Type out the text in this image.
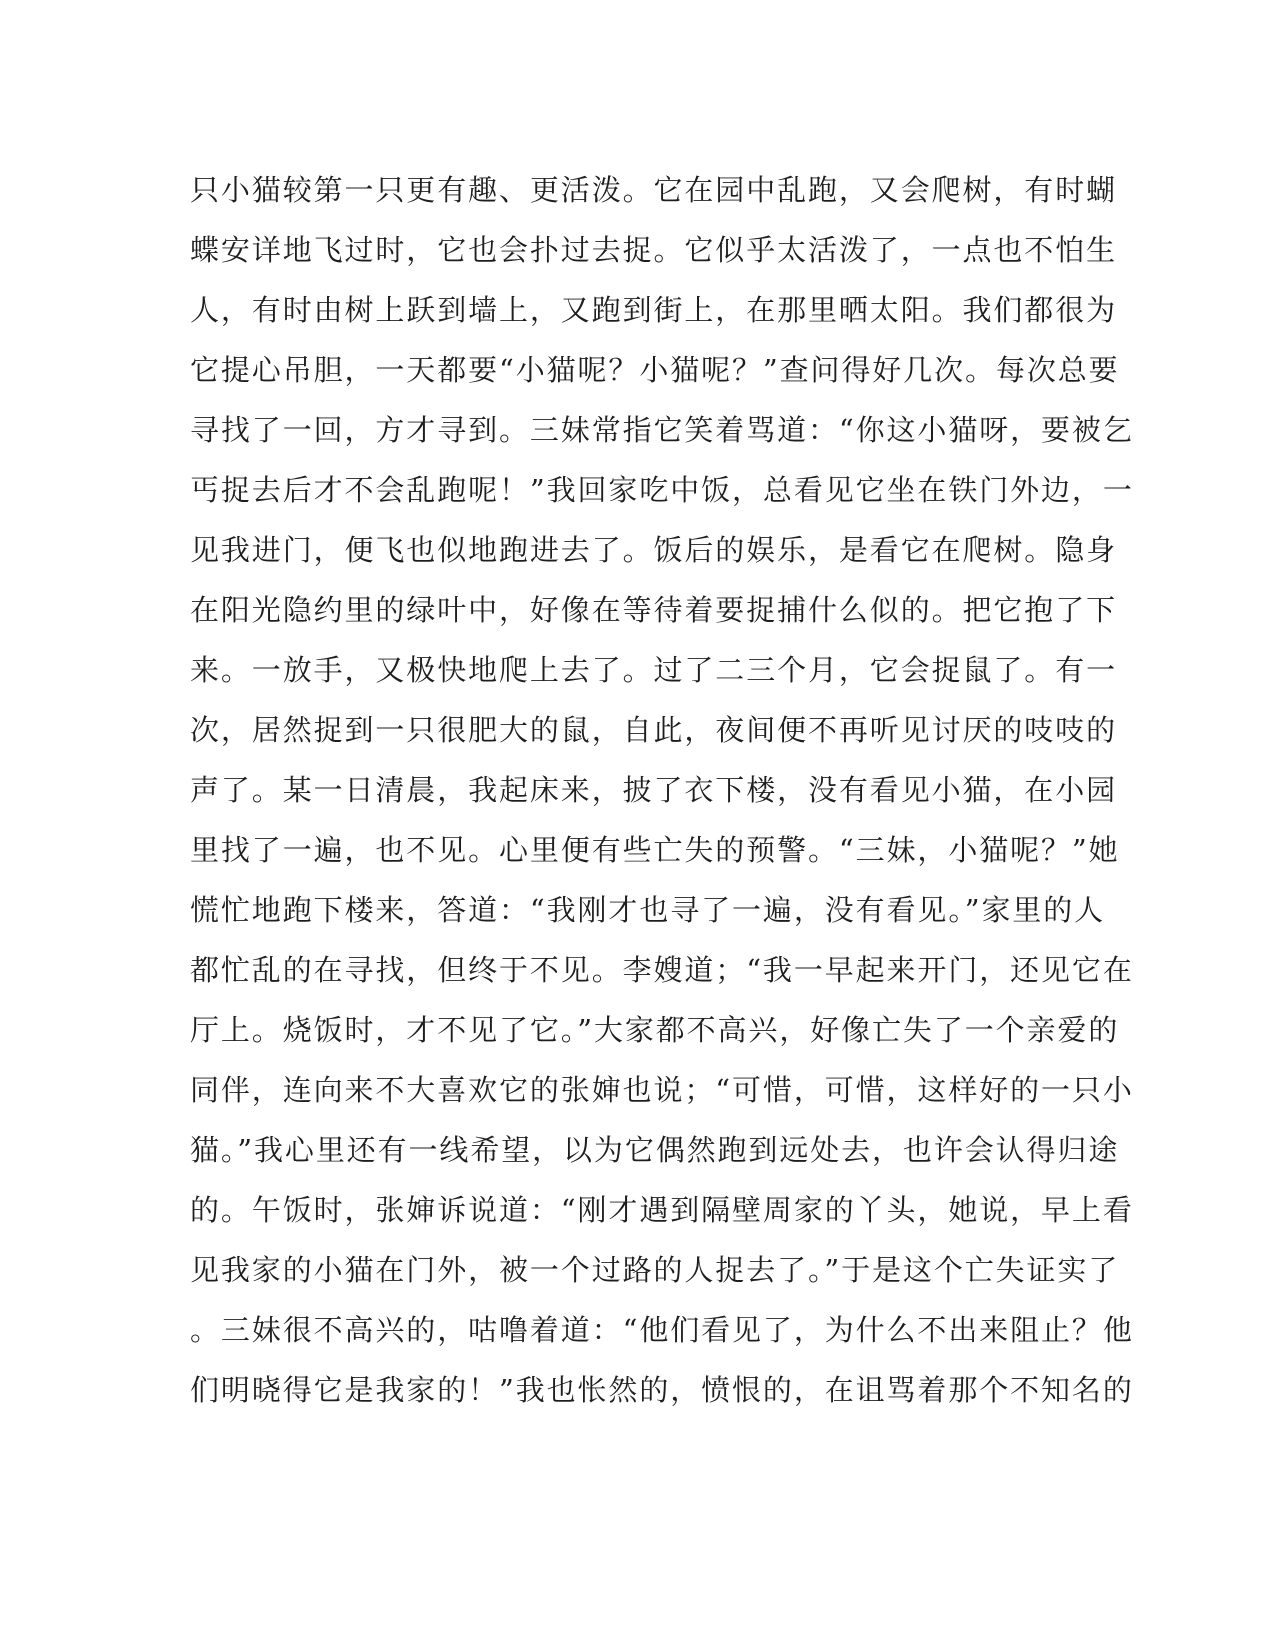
只小猫较第一只更有趣、更活泼。它在园中乱跑，又会爬树，有时蝴
蝶安详地飞过时，它也会扑过去捉。它似乎太活泼了，一点也不怕生
人，有时由树上跃到墙上，又跑到街上，在那里晒太阳。我们都很为
它提心吊胆，一天都要“小猫呢？小猫呢？”查问得好几次。每次总要
寻找了一回，方才寻到。三妹常指它笑着骂道：“你这小猫呀，要被乞
丐捉去后才不会乱跑呢！”我回家吃中饭，总看见它坐在铁门外边，一
见我进门，便飞也似地跑进去了。饭后的娱乐，是看它在爬树。隐身
在阳光隐约里的绿叶中，好像在等待着要捉捕什么似的。把它抱了下
来。一放手，又极快地爬上去了。过了二三个月，它会捉鼠了。有一
次，居然捉到一只很肥大的鼠，自此，夜间便不再听见讨厌的吱吱的
声了。某一日清晨，我起床来，披了衣下楼，没有看见小猫，在小园
里找了一遍，也不见。心里便有些亡失的预警。“三妹，小猫呢？”她
慌忙地跑下楼来，答道：“我刚才也寻了一遍，没有看见。”家里的人
都忙乱的在寻找，但终于不见。李嫂道；“我一早起来开门，还见它在
厅上。烧饭时，才不见了它。”大家都不高兴，好像亡失了一个亲爱的
同伴，连向来不大喜欢它的张婶也说；“可惜，可惜，这样好的一只小
猫。”我心里还有一线希望，以为它偶然跑到远处去，也许会认得归途
的。午饭时，张婶诉说道：“刚才遇到隔壁周家的丫头，她说，早上看
见我家的小猫在门外，被一个过路的人捉去了。”于是这个亡失证实了
。三妹很不高兴的，咕噜着道：“他们看见了，为什么不出来阻止？他
们明晓得它是我家的！”我也怅然的，愤恨的，在诅骂着那个不知名的
